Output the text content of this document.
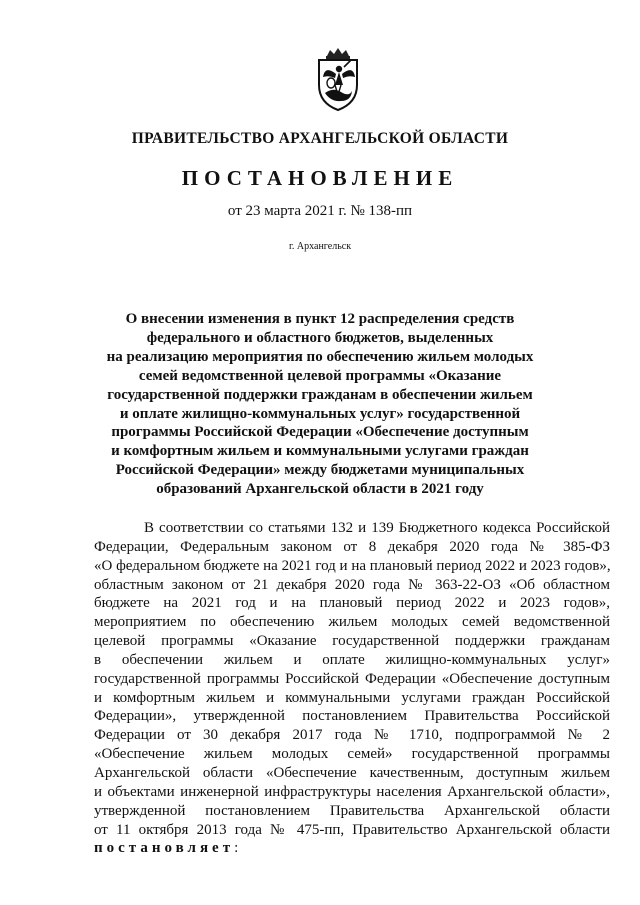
ПРАВИТЕЛЬСТВО АРХАНГЕЛЬСКОЙ ОБЛАСТИ
ПОСТАНОВЛЕНИЕ
от 23 марта 2021 г. № 138-пп
г. Архангельск
О внесении изменения в пункт 12 распределения средств
федерального и областного бюджетов, выделенных
на реализацию мероприятия по обеспечению жильем молодых
семей ведомственной целевой программы «Оказание
государственной поддержки гражданам в обеспечении жильем
и оплате жилищно-коммунальных услуг» государственной
программы Российской Федерации «Обеспечение доступным
и комфортным жильем и коммунальными услугами граждан
Российской Федерации» между бюджетами муниципальных
образований Архангельской области в 2021 году
В соответствии со статьями 132 и 139 Бюджетного кодекса Российской
Федерации, Федеральным законом от 8 декабря 2020 года № 385-ФЗ
«О федеральном бюджете на 2021 год и на плановый период 2022 и 2023 годов»,
областным законом от 21 декабря 2020 года № 363-22-ОЗ «Об областном
бюджете на 2021 год и на плановый период 2022 и 2023 годов»,
мероприятием по обеспечению жильем молодых семей ведомственной
целевой программы «Оказание государственной поддержки гражданам
в обеспечении жильем и оплате жилищно-коммунальных услуг»
государственной программы Российской Федерации «Обеспечение доступным
и комфортным жильем и коммунальными услугами граждан Российской
Федерации», утвержденной постановлением Правительства Российской
Федерации от 30 декабря 2017 года № 1710, подпрограммой № 2
«Обеспечение жильем молодых семей» государственной программы
Архангельской области «Обеспечение качественным, доступным жильем
и объектами инженерной инфраструктуры населения Архангельской области»,
утвержденной постановлением Правительства Архангельской области
от 11 октября 2013 года № 475-пп, Правительство Архангельской области
постановляет:
